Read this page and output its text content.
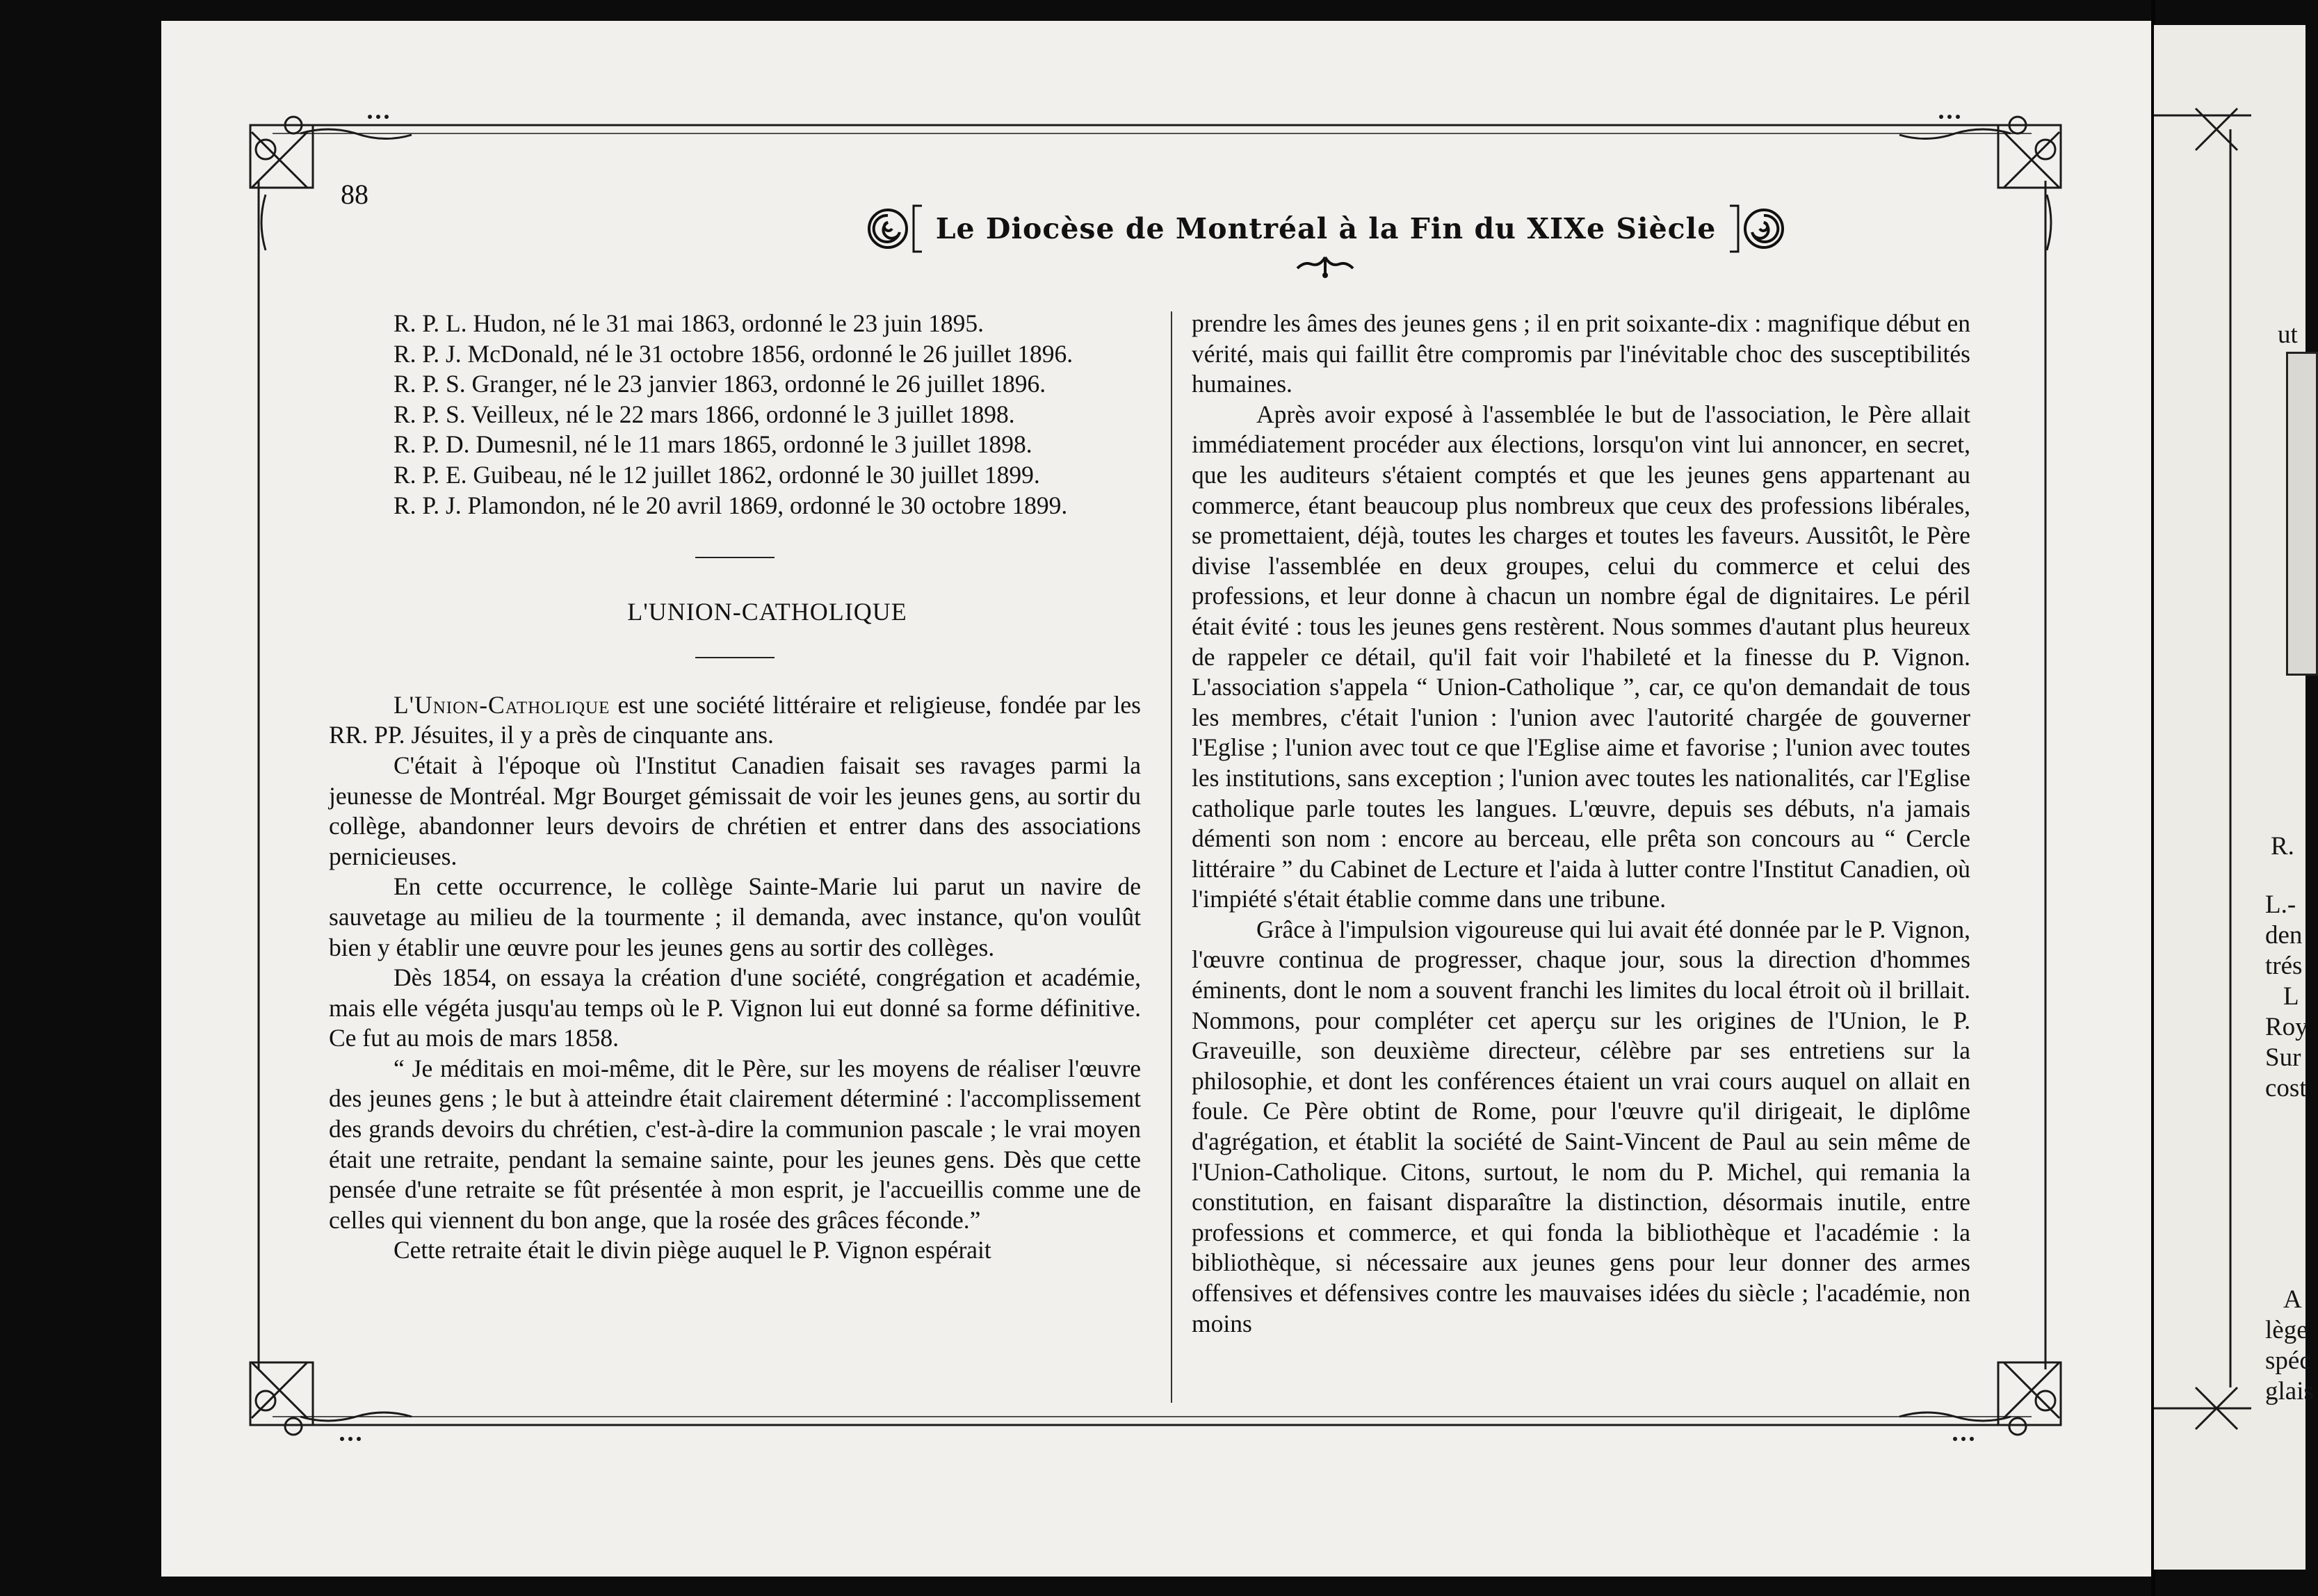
88
Le Diocèse de Montréal à la Fin du XIXe Siècle

R. P. L. Hudon, né le 31 mai 1863, ordonné le 23 juin 1895.

R. P. J. McDonald, né le 31 octobre 1856, ordonné le 26 juillet 1896.

R. P. S. Granger, né le 23 janvier 1863, ordonné le 26 juillet 1896.

R. P. S. Veilleux, né le 22 mars 1866, ordonné le 3 juillet 1898.

R. P. D. Dumesnil, né le 11 mars 1865, ordonné le 3 juillet 1898.

R. P. E. Guibeau, né le 12 juillet 1862, ordonné le 30 juillet 1899.

R. P. J. Plamondon, né le 20 avril 1869, ordonné le 30 octobre 1899.

L'UNION-CATHOLIQUE

L'Union-Catholique est une société littéraire et religieuse, fondée par les RR. PP. Jésuites, il y a près de cinquante ans.

C'était à l'époque où l'Institut Canadien faisait ses ravages parmi la jeunesse de Montréal. Mgr Bourget gémissait de voir les jeunes gens, au sortir du collège, abandonner leurs devoirs de chrétien et entrer dans des associations pernicieuses.

En cette occurrence, le collège Sainte-Marie lui parut un navire de sauvetage au milieu de la tourmente ; il demanda, avec instance, qu'on voulût bien y établir une œuvre pour les jeunes gens au sortir des collèges.

Dès 1854, on essaya la création d'une société, congrégation et académie, mais elle végéta jusqu'au temps où le P. Vignon lui eut donné sa forme définitive. Ce fut au mois de mars 1858.

“ Je méditais en moi-même, dit le Père, sur les moyens de réaliser l'œuvre des jeunes gens ; le but à atteindre était clairement déterminé : l'accomplissement des grands devoirs du chrétien, c'est-à-dire la communion pascale ; le vrai moyen était une retraite, pendant la semaine sainte, pour les jeunes gens. Dès que cette pensée d'une retraite se fût présentée à mon esprit, je l'accueillis comme une de celles qui viennent du bon ange, que la rosée des grâces féconde.”

Cette retraite était le divin piège auquel le P. Vignon espérait

prendre les âmes des jeunes gens ; il en prit soixante-dix : magnifique début en vérité, mais qui faillit être compromis par l'inévitable choc des susceptibilités humaines.

Après avoir exposé à l'assemblée le but de l'association, le Père allait immédiatement procéder aux élections, lorsqu'on vint lui annoncer, en secret, que les auditeurs s'étaient comptés et que les jeunes gens appartenant au commerce, étant beaucoup plus nombreux que ceux des professions libérales, se promettaient, déjà, toutes les charges et toutes les faveurs. Aussitôt, le Père divise l'assemblée en deux groupes, celui du commerce et celui des professions, et leur donne à chacun un nombre égal de dignitaires. Le péril était évité : tous les jeunes gens restèrent. Nous sommes d'autant plus heureux de rappeler ce détail, qu'il fait voir l'habileté et la finesse du P. Vignon. L'association s'appela “ Union-Catholique ”, car, ce qu'on demandait de tous les membres, c'était l'union : l'union avec l'autorité chargée de gouverner l'Eglise ; l'union avec tout ce que l'Eglise aime et favorise ; l'union avec toutes les institutions, sans exception ; l'union avec toutes les nationalités, car l'Eglise catholique parle toutes les langues. L'œuvre, depuis ses débuts, n'a jamais démenti son nom : encore au berceau, elle prêta son concours au “ Cercle littéraire ” du Cabinet de Lecture et l'aida à lutter contre l'Institut Canadien, où l'impiété s'était établie comme dans une tribune.

Grâce à l'impulsion vigoureuse qui lui avait été donnée par le P. Vignon, l'œuvre continua de progresser, chaque jour, sous la direction d'hommes éminents, dont le nom a souvent franchi les limites du local étroit où il brillait. Nommons, pour compléter cet aperçu sur les origines de l'Union, le P. Graveuille, son deuxième directeur, célèbre par ses entretiens sur la philosophie, et dont les conférences étaient un vrai cours auquel on allait en foule. Ce Père obtint de Rome, pour l'œuvre qu'il dirigeait, le diplôme d'agrégation, et établit la société de Saint-Vincent de Paul au sein même de l'Union-Catholique. Citons, surtout, le nom du P. Michel, qui remania la constitution, en faisant disparaître la distinction, désormais inutile, entre professions et commerce, et qui fonda la bibliothèque et l'académie : la bibliothèque, si nécessaire aux jeunes gens pour leur donner des armes offensives et défensives contre les mauvaises idées du siècle ; l'académie, non moins

ut
R.
L.-
den
trés
L
Roy
Sur
cost
A
lège
spéc
glais
